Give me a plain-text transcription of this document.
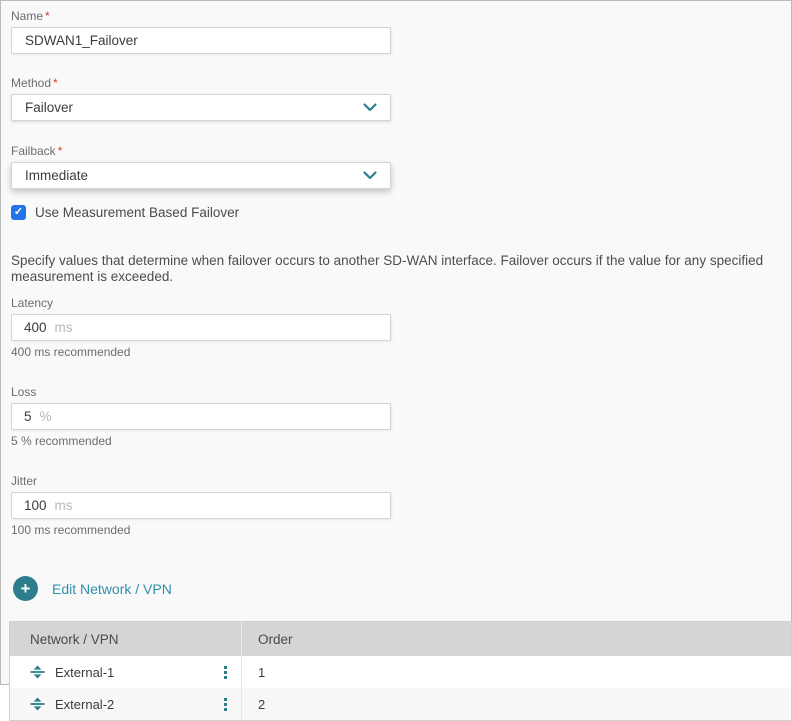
Name *
SDWAN1_Failover
Method *
Failover
Failback *
Immediate
✓ Use Measurement Based Failover
Specify values that determine when failover occurs to another SD-WAN interface. Failover occurs if the value for any specified measurement is exceeded.
Latency
400 ms
400 ms recommended
Loss
5 %
5 % recommended
Jitter
100 ms
100 ms recommended
+	Edit Network / VPN
Network / VPN	Order
External-1	1
External-2	2
